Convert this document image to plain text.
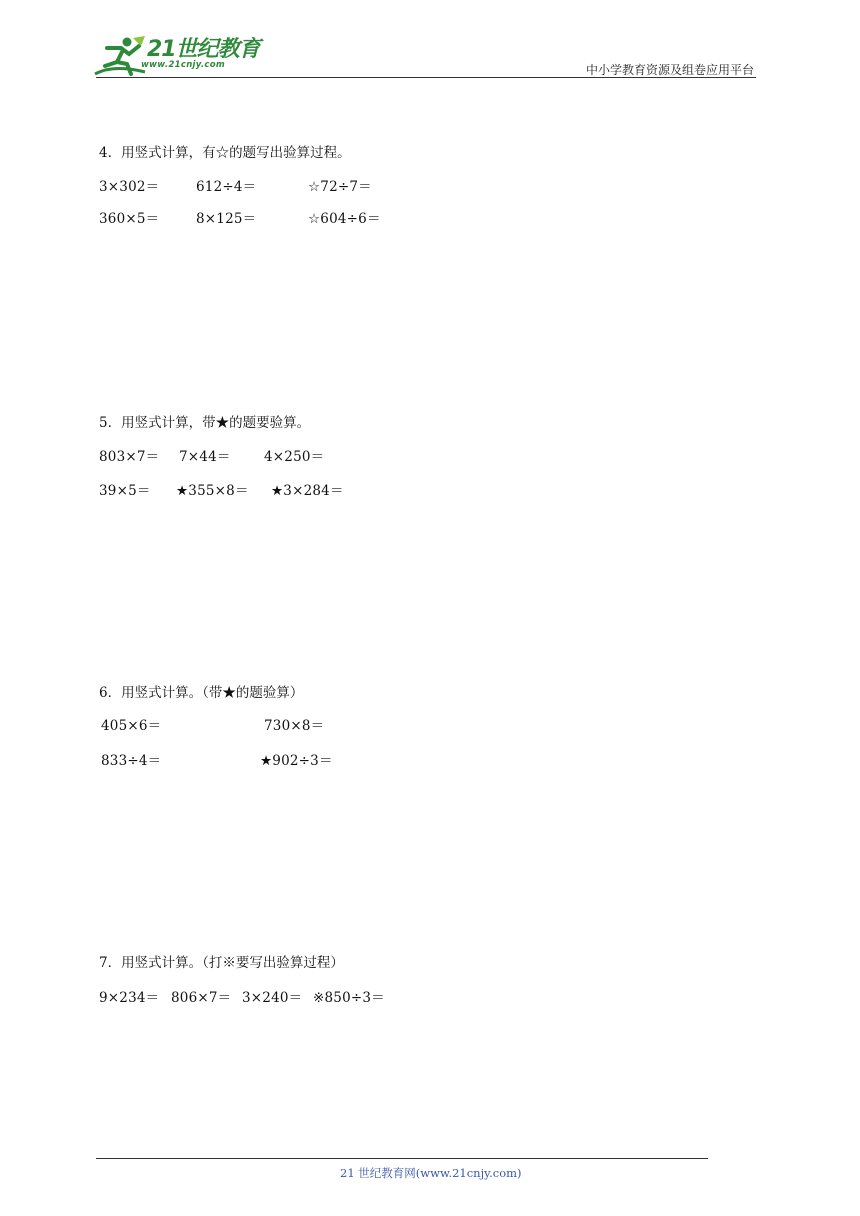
21世纪教育
www.21cnjy.com	中小学教育资源及组卷应用平台
4．用竖式计算，有☆的题写出验算过程。
3×302＝	612÷4＝	☆72÷7＝
360×5＝	8×125＝	☆604÷6＝
5．用竖式计算，带★的题要验算。
803×7＝ 7×44＝ 4×250＝
39×5＝ ★355×8＝ ★3×284＝
6．用竖式计算。（带★的题验算）
405×6＝	730×8＝
833÷4＝	★902÷3＝
7．用竖式计算。（打※要写出验算过程）
9×234＝ 806×7＝ 3×240＝ ※850÷3＝
21 世纪教育网(www.21cnjy.com)
